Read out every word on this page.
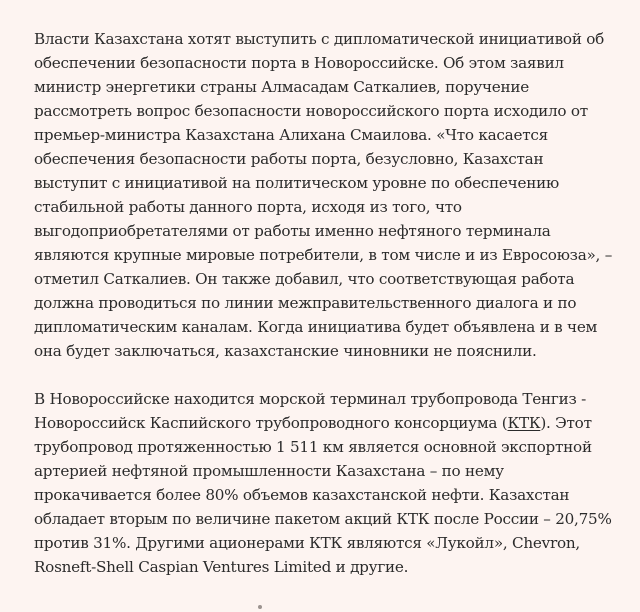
Власти Казахстана хотят выступить с дипломатической инициативой об
обеспечении безопасности порта в Новороссийске. Об этом заявил
министр энергетики страны Алмасадам Саткалиев, поручение
рассмотреть вопрос безопасности новороссийского порта исходило от
премьер-министра Казахстана Алихана Смаилова. «Что касается
обеспечения безопасности работы порта, безусловно, Казахстан
выступит с инициативой на политическом уровне по обеспечению
стабильной работы данного порта, исходя из того, что
выгодоприобретателями от работы именно нефтяного терминала
являются крупные мировые потребители, в том числе и из Евросоюза», –
отметил Саткалиев. Он также добавил, что соответствующая работа
должна проводиться по линии межправительственного диалога и по
дипломатическим каналам. Когда инициатива будет объявлена и в чем
она будет заключаться, казахстанские чиновники не пояснили.

В Новороссийске находится морской терминал трубопровода Тенгиз -
Новороссийск Каспийского трубопроводного консорциума (КТК). Этот
трубопровод протяженностью 1 511 км является основной экспортной
артерией нефтяной промышленности Казахстана – по нему
прокачивается более 80% объемов казахстанской нефти. Казахстан
обладает вторым по величине пакетом акций КТК после России – 20,75%
против 31%. Другими ационерами КТК являются «Лукойл», Chevron,
Rosneft-Shell Caspian Ventures Limited и другие.
